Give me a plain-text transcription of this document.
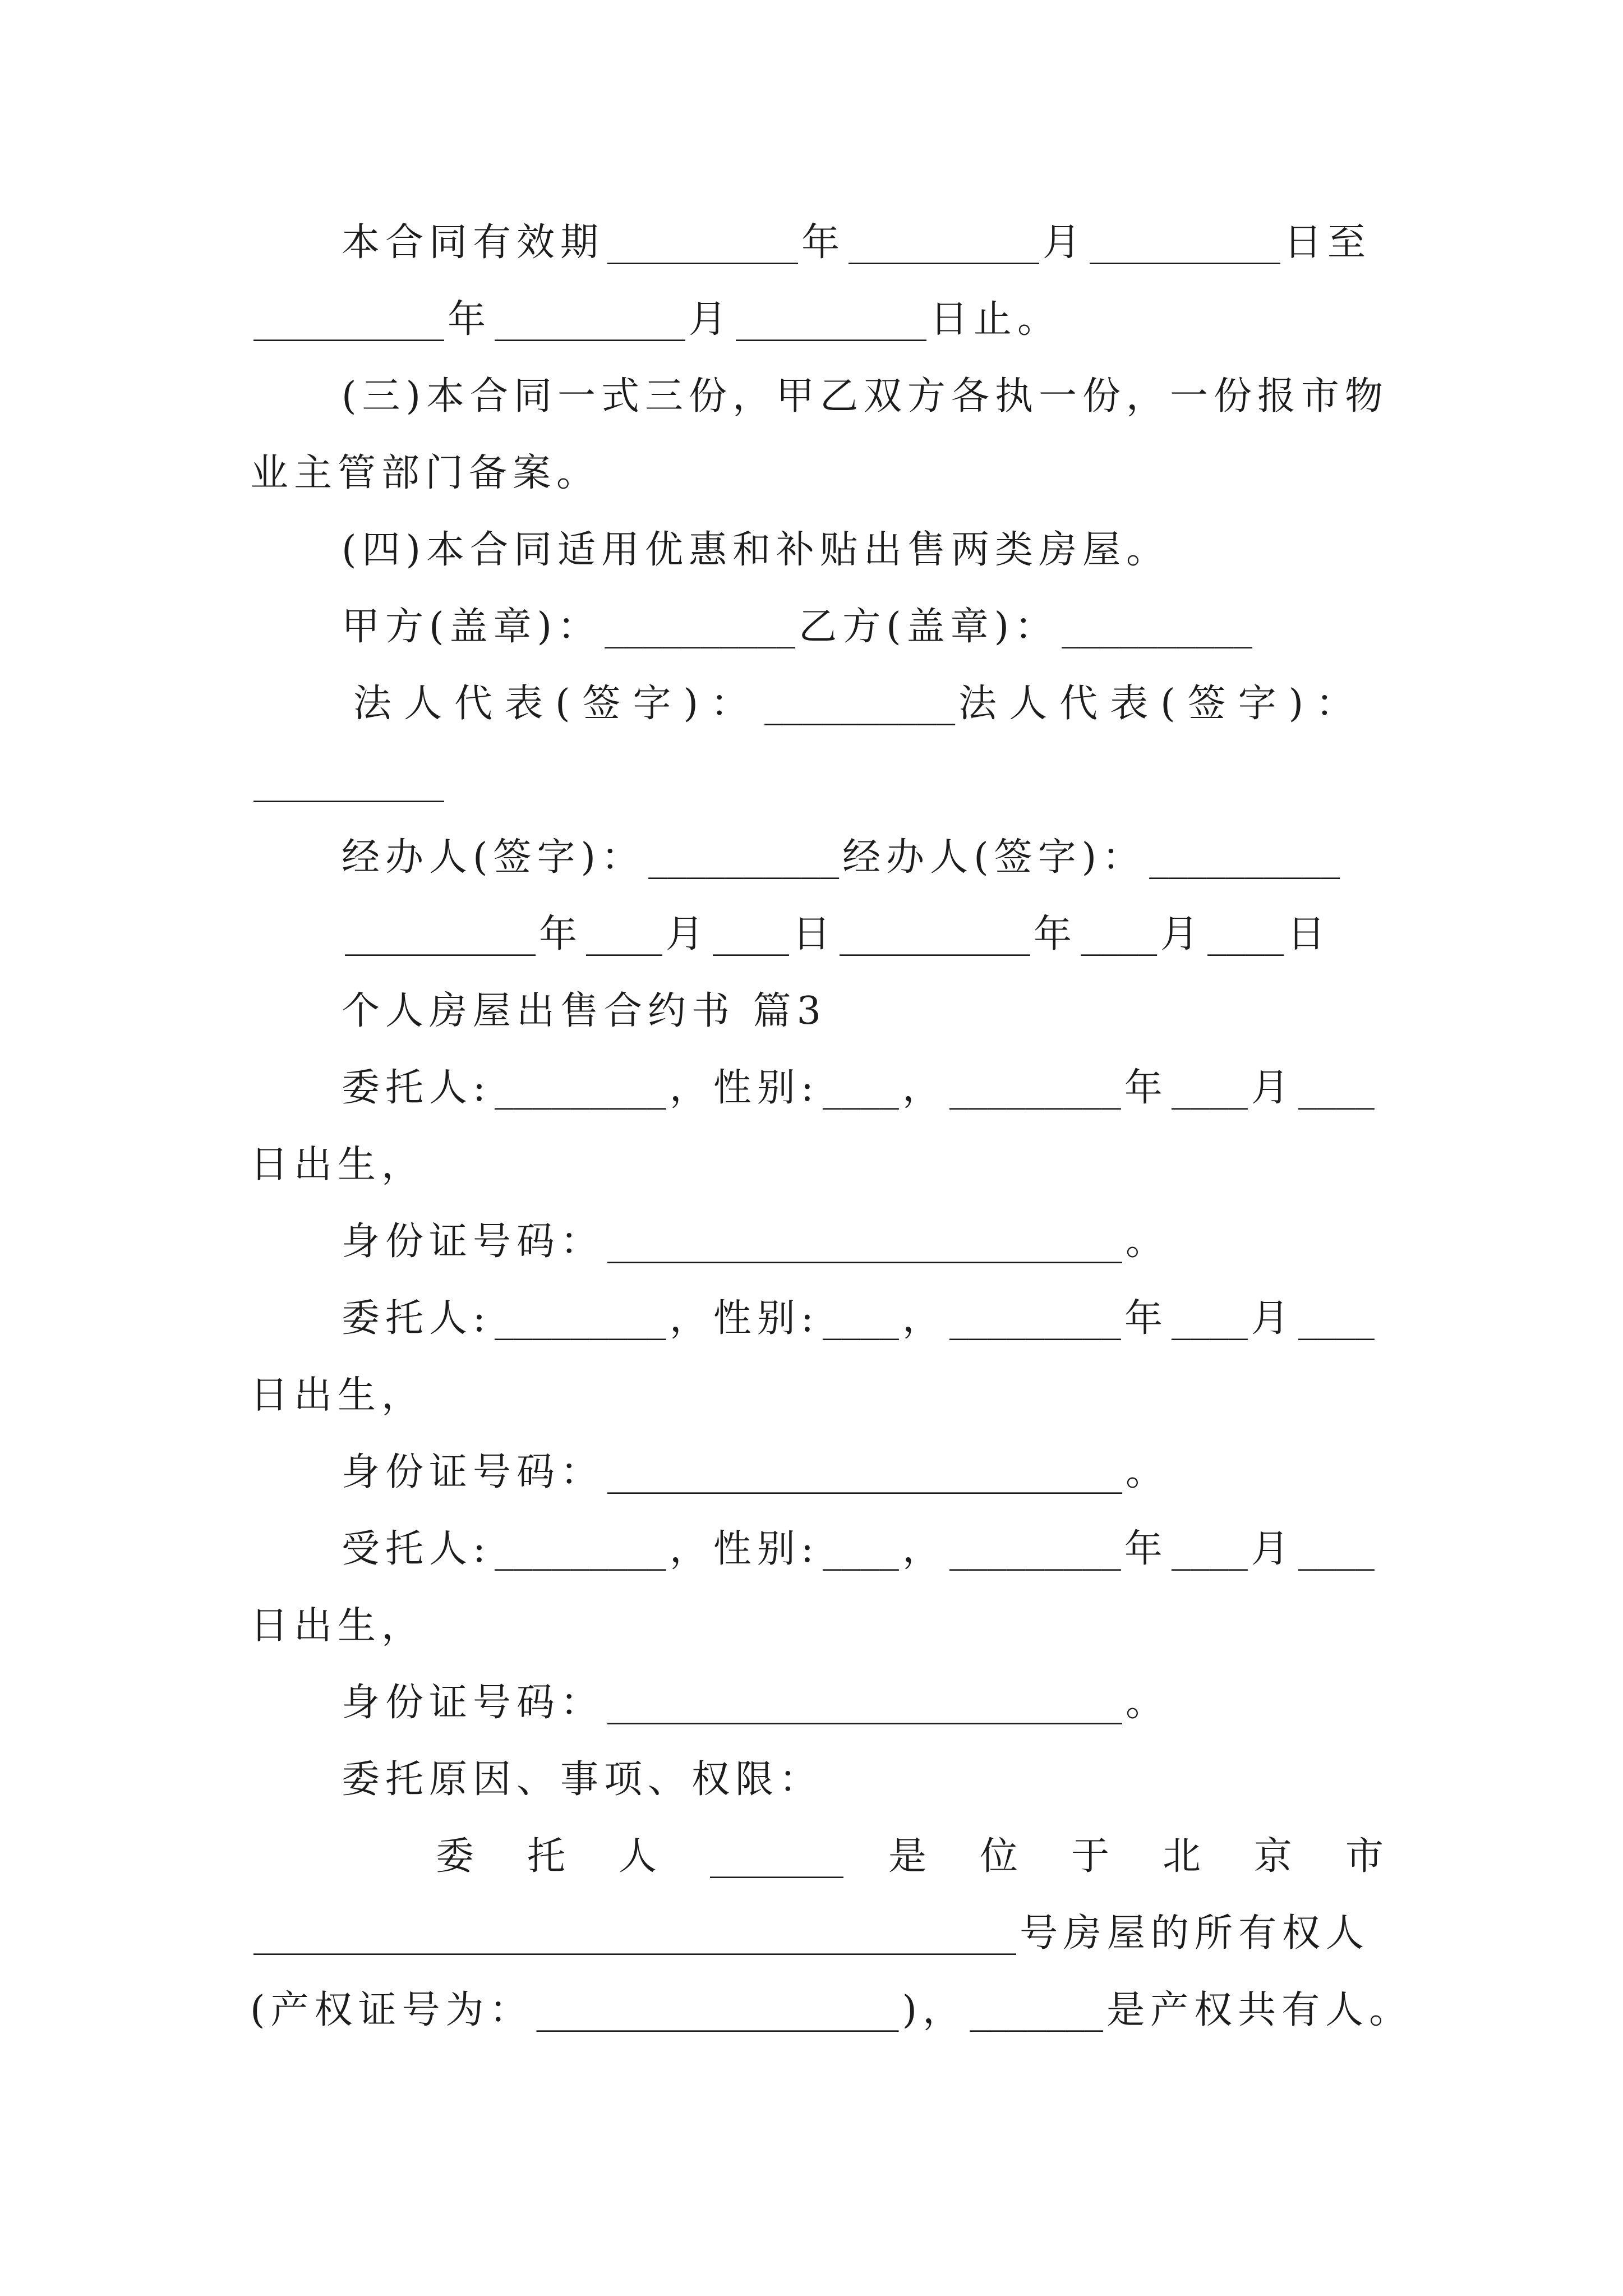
本合同有效期__________年__________月__________日至
__________年__________月__________日止。
(三)本合同一式三份，甲乙双方各执一份，一份报市物
业主管部门备案。
(四)本合同适用优惠和补贴出售两类房屋。
甲方(盖章)：__________乙方(盖章)：__________
法人代表(签字)：__________法人代表(签字)：
__________
经办人(签字)：__________经办人(签字)：__________
__________年____月____日__________年____月____日
个人房屋出售合约书 篇3
委托人:_________，性别:____，_________年____月____
日出生，
身份证号码：___________________________。
委托人:_________，性别:____，_________年____月____
日出生，
身份证号码：___________________________。
受托人:_________，性别:____，_________年____月____
日出生，
身份证号码：___________________________。
委托原因、事项、权限：
委托人_______ 是位于北京市
________________________________________号房屋的所有权人
(产权证号为：___________________)，_______是产权共有人。
